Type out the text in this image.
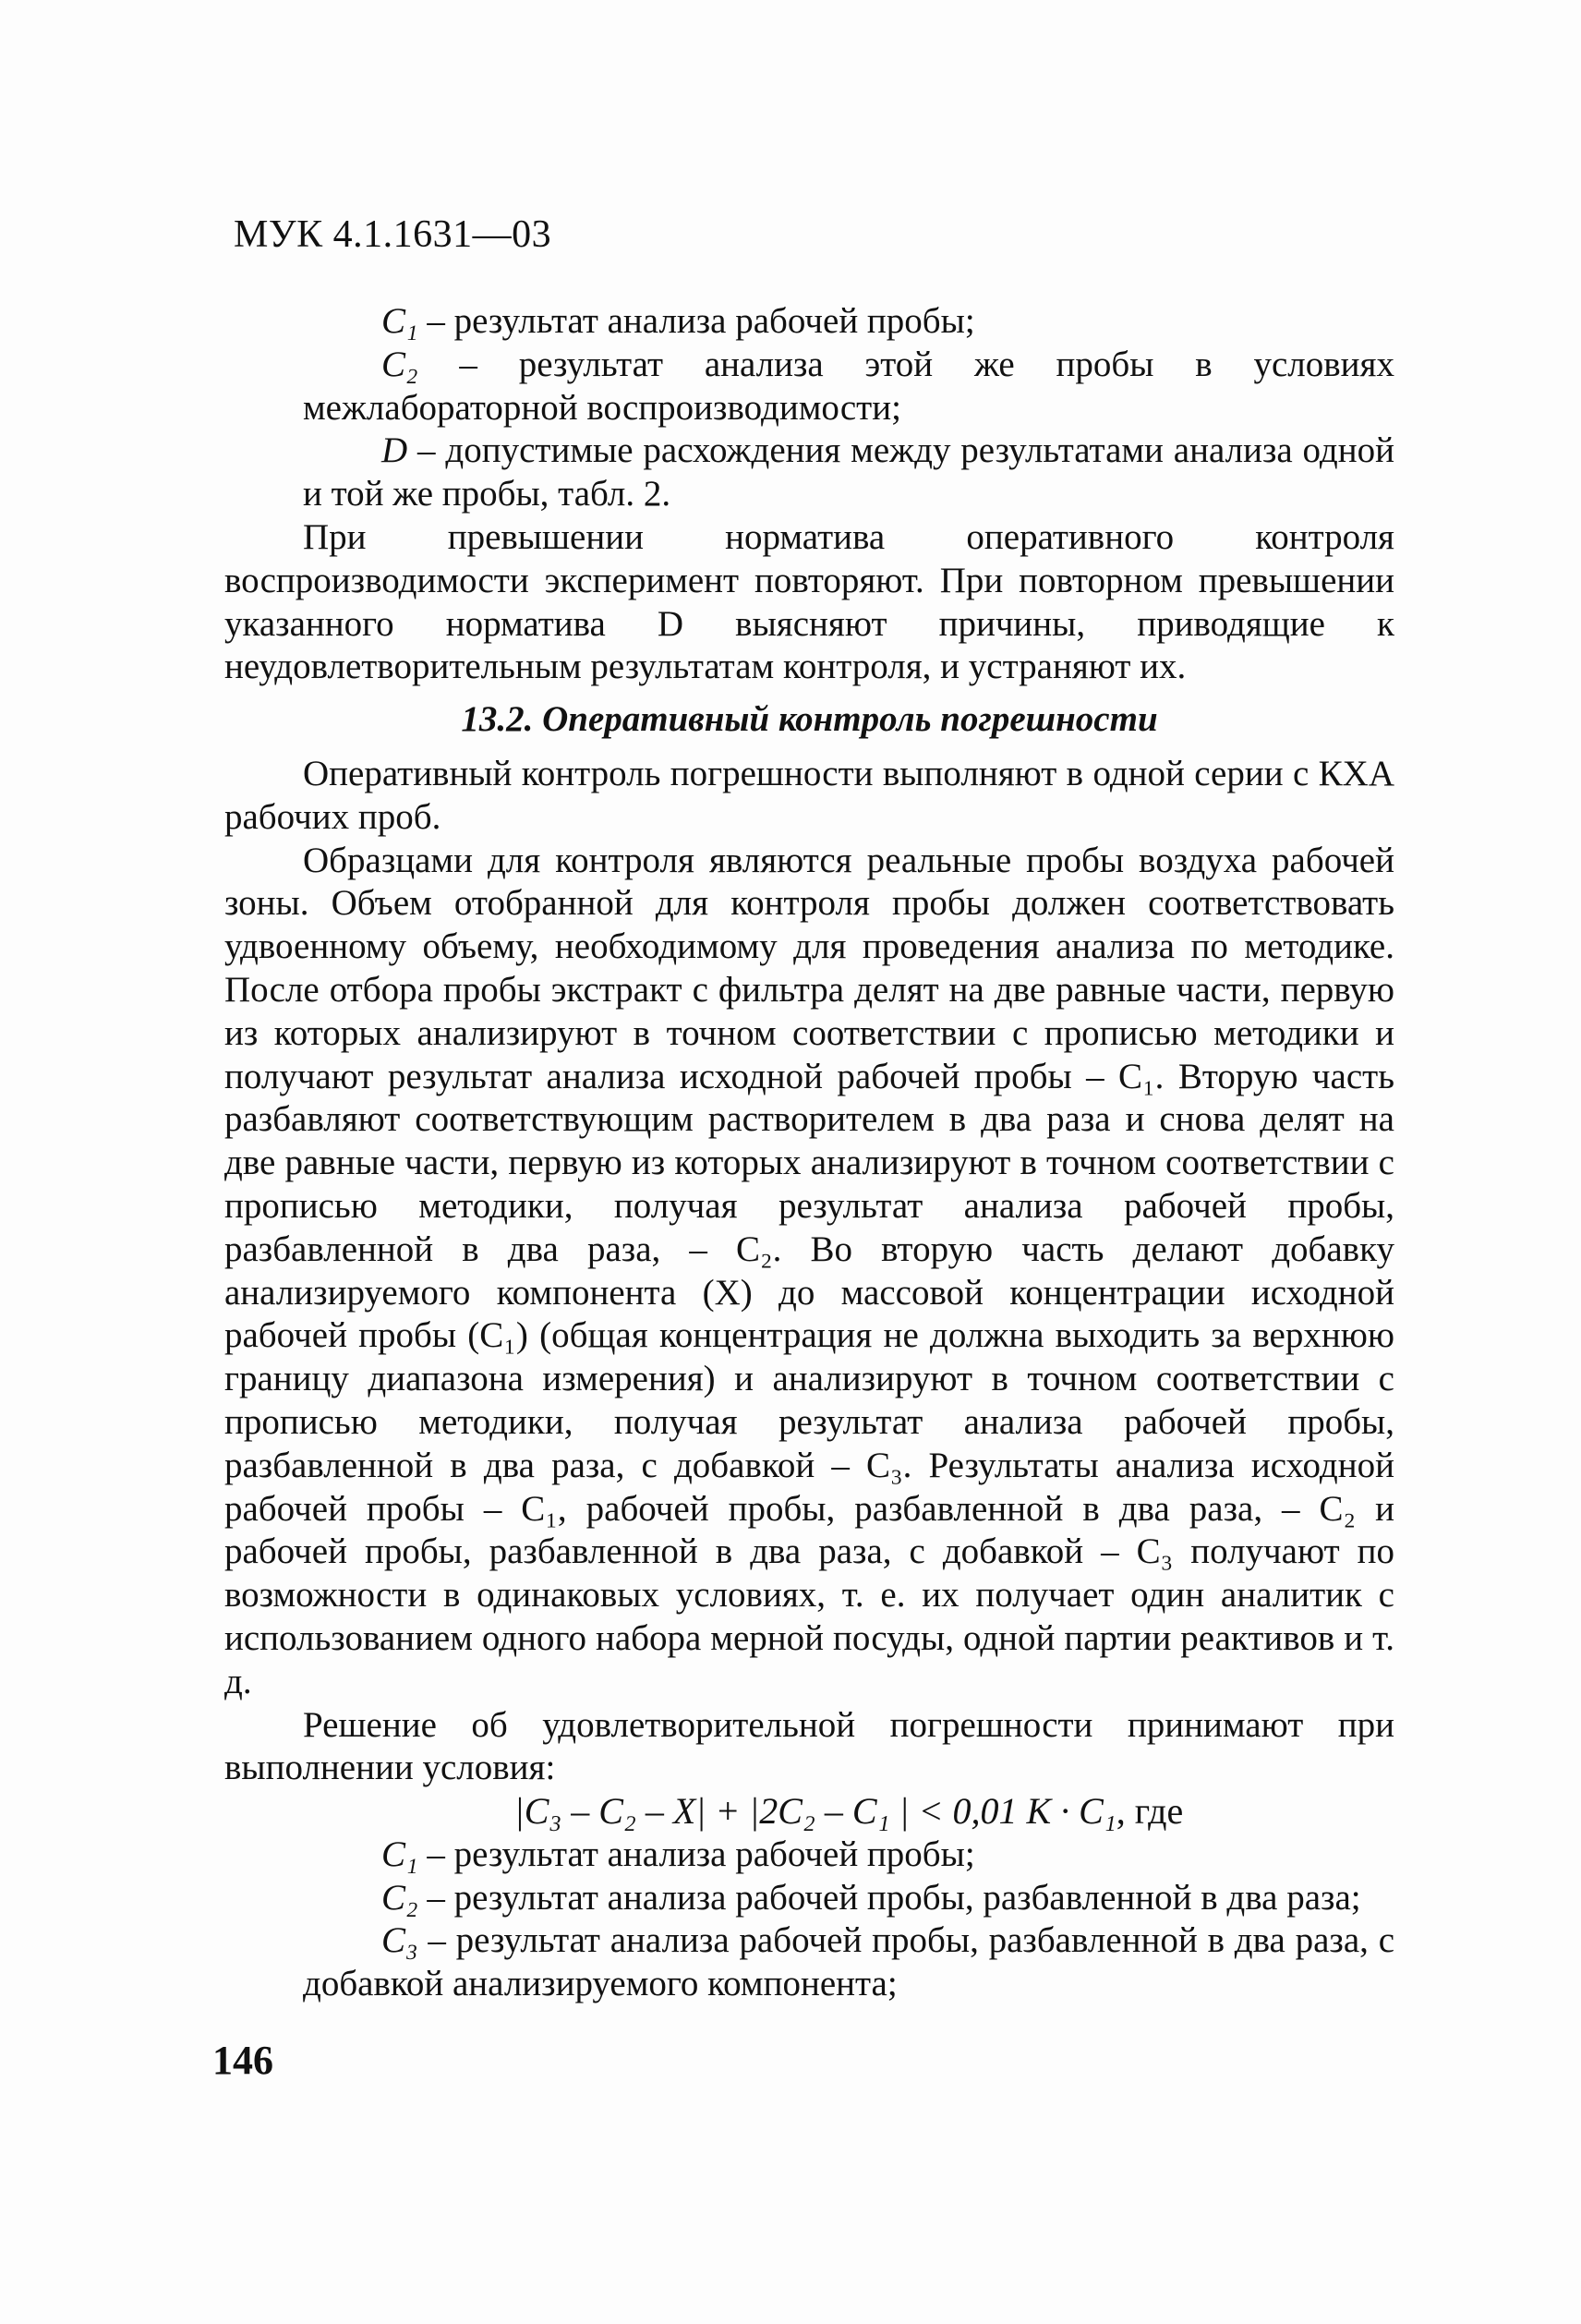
МУК 4.1.1631—03

C₁ – результат анализа рабочей пробы;

C₂ – результат анализа этой же пробы в условиях межлабораторной воспроизводимости;

D – допустимые расхождения между результатами анализа одной и той же пробы, табл. 2.

При превышении норматива оперативного контроля воспроизводимости эксперимент повторяют. При повторном превышении указанного норматива D выясняют причины, приводящие к неудовлетворительным результатам контроля, и устраняют их.

13.2. Оперативный контроль погрешности

Оперативный контроль погрешности выполняют в одной серии с КХА рабочих проб.

Образцами для контроля являются реальные пробы воздуха рабочей зоны. Объем отобранной для контроля пробы должен соответствовать удвоенному объему, необходимому для проведения анализа по методике. После отбора пробы экстракт с фильтра делят на две равные части, первую из которых анализируют в точном соответствии с прописью методики и получают результат анализа исходной рабочей пробы – C₁. Вторую часть разбавляют соответствующим растворителем в два раза и снова делят на две равные части, первую из которых анализируют в точном соответствии с прописью методики, получая результат анализа рабочей пробы, разбавленной в два раза, – C₂. Во вторую часть делают добавку анализируемого компонента (X) до массовой концентрации исходной рабочей пробы (C₁) (общая концентрация не должна выходить за верхнюю границу диапазона измерения) и анализируют в точном соответствии с прописью методики, получая результат анализа рабочей пробы, разбавленной в два раза, с добавкой – C₃. Результаты анализа исходной рабочей пробы – C₁, рабочей пробы, разбавленной в два раза, – C₂ и рабочей пробы, разбавленной в два раза, с добавкой – C₃ получают по возможности в одинаковых условиях, т. е. их получает один аналитик с использованием одного набора мерной посуды, одной партии реактивов и т. д.

Решение об удовлетворительной погрешности принимают при выполнении условия:

|C₃ – C₂ – X| + |2C₂ – C₁ | < 0,01 K · C₁, где

C₁ – результат анализа рабочей пробы;

C₂ – результат анализа рабочей пробы, разбавленной в два раза;

C₃ – результат анализа рабочей пробы, разбавленной в два раза, с добавкой анализируемого компонента;

146
